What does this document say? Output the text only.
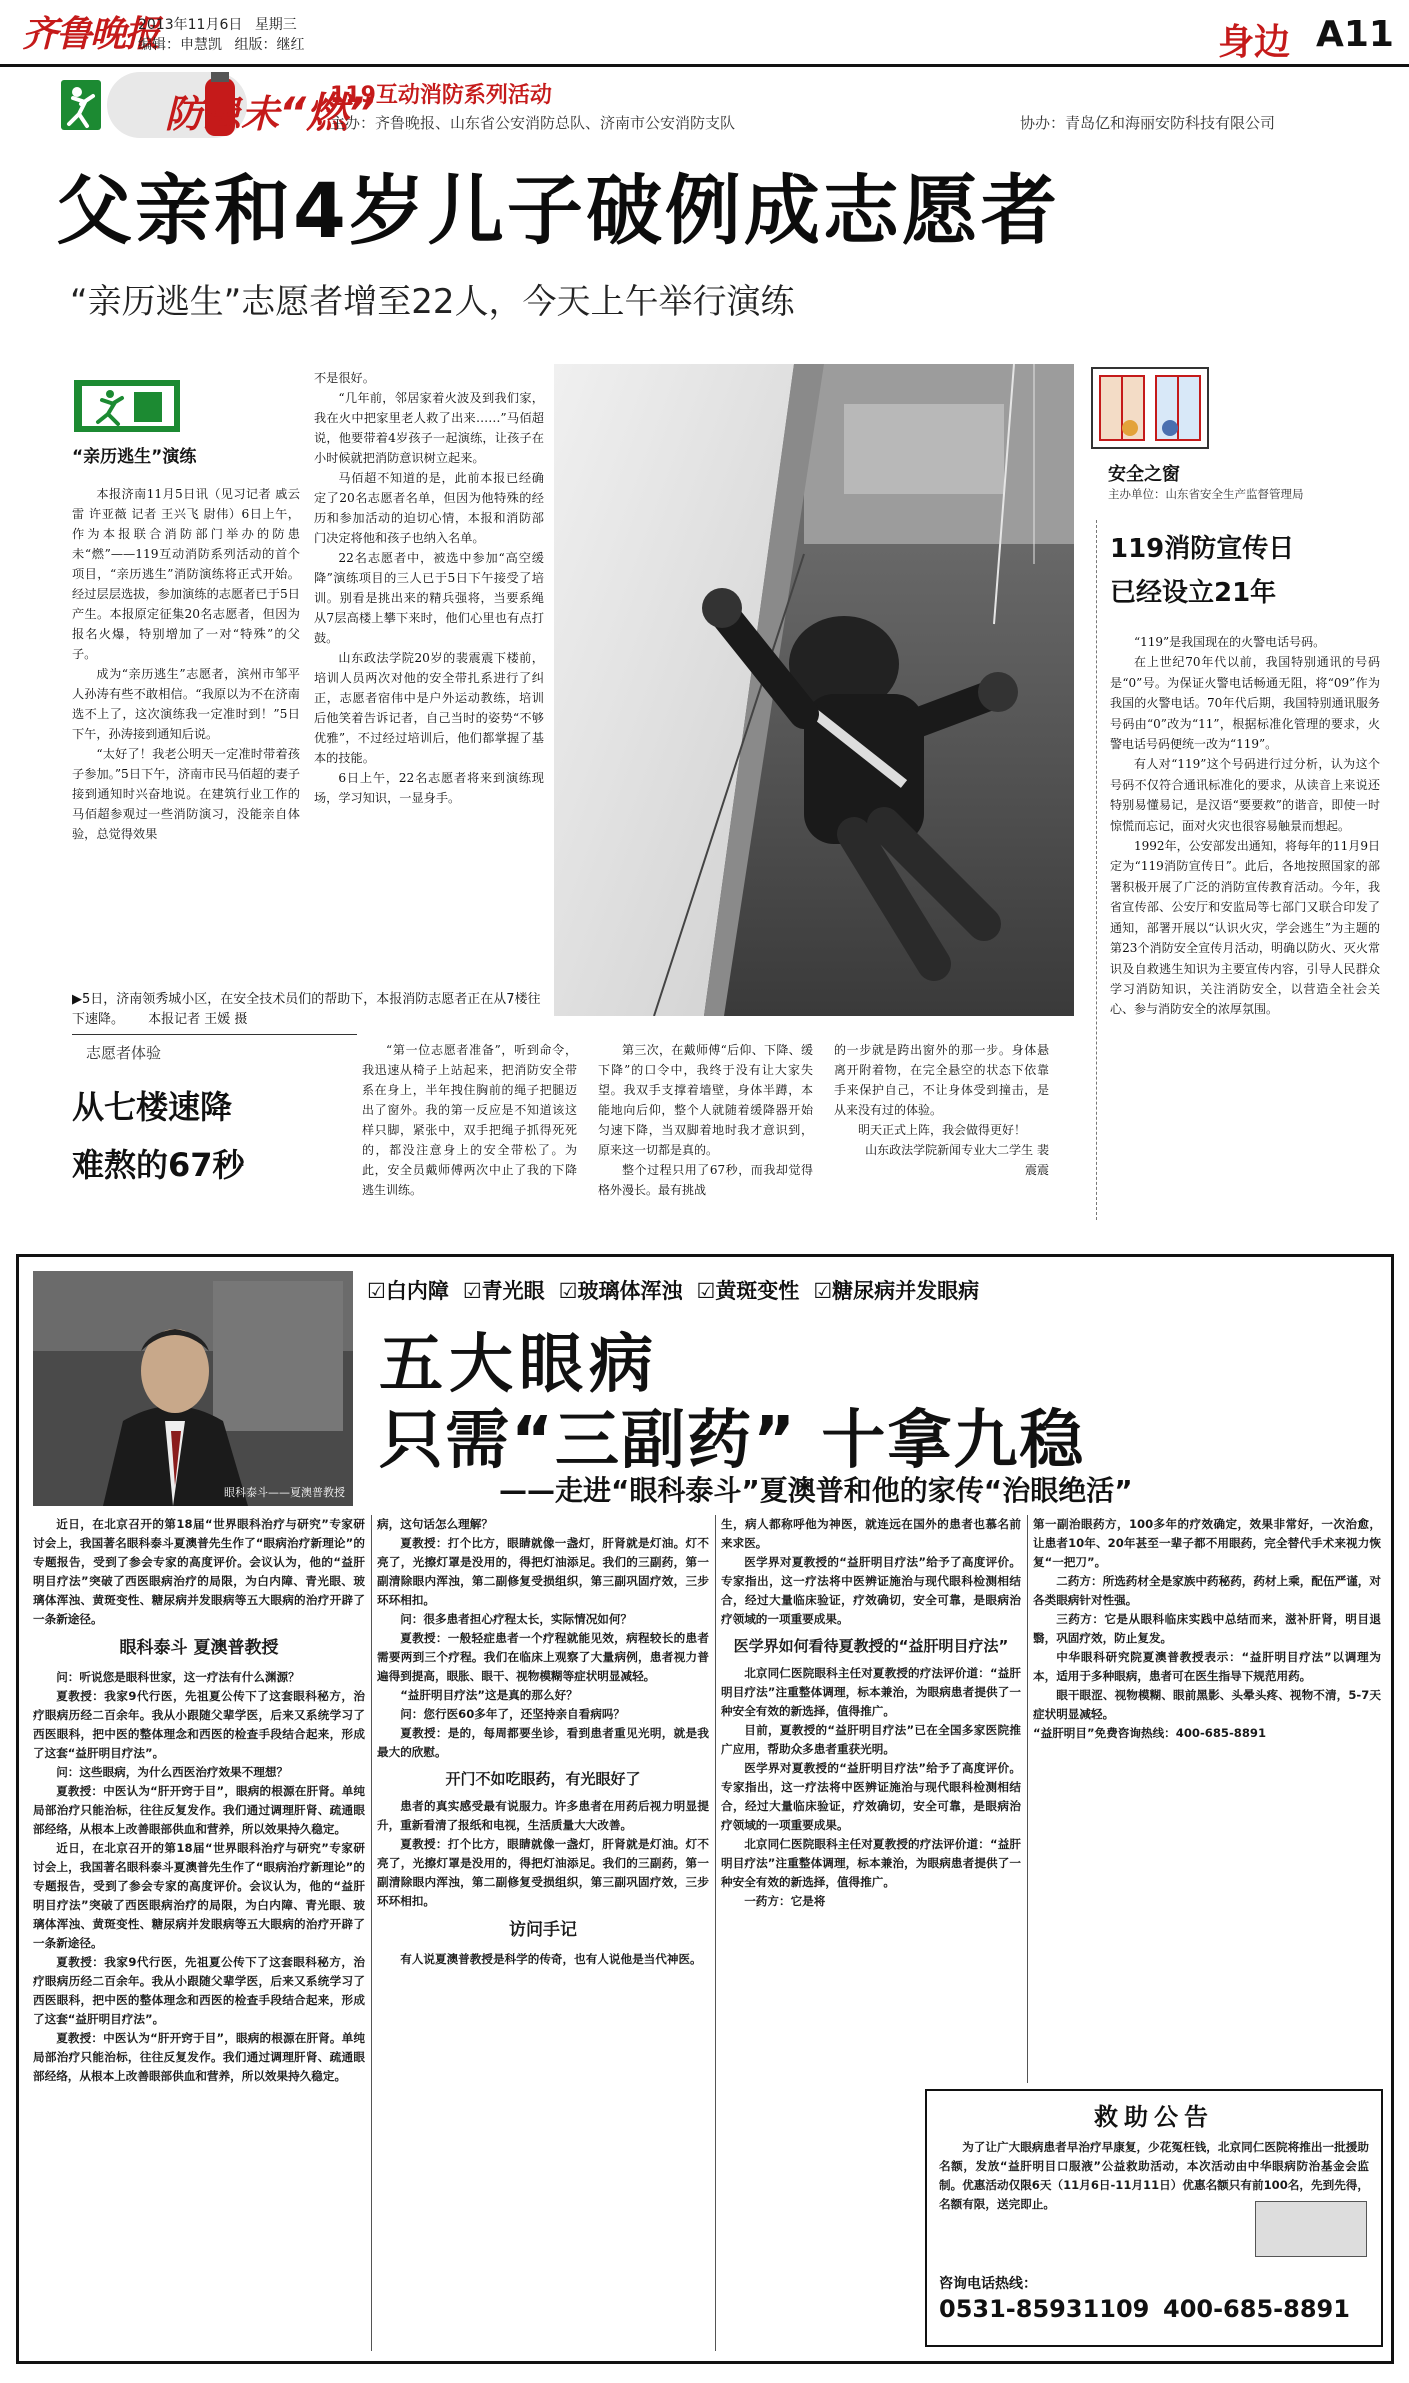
齐鲁晚报
2013年11月6日 星期三
编辑：申慧凯 组版：继红	身边 A11
防患未“燃”
119互动消防系列活动
主办：齐鲁晚报、山东省公安消防总队、济南市公安消防支队	协办：青岛亿和海丽安防科技有限公司
父亲和4岁儿子破例成志愿者
“亲历逃生”志愿者增至22人，今天上午举行演练
“亲历逃生”演练

本报济南11月5日讯（见习记者 戚云雷 许亚薇 记者 王兴飞 尉伟）6日上午，作为本报联合消防部门举办的防患未“燃”——119互动消防系列活动的首个项目，“亲历逃生”消防演练将正式开始。经过层层选拔，参加演练的志愿者已于5日产生。本报原定征集20名志愿者，但因为报名火爆，特别增加了一对“特殊”的父子。

成为“亲历逃生”志愿者，滨州市邹平人孙涛有些不敢相信。“我原以为不在济南选不上了，这次演练我一定准时到！”5日下午，孙涛接到通知后说。

“太好了！我老公明天一定准时带着孩子参加。”5日下午，济南市民马佰超的妻子接到通知时兴奋地说。在建筑行业工作的马佰超参观过一些消防演习，没能亲自体验，总觉得效果

不是很好。

“几年前，邻居家着火波及到我们家，我在火中把家里老人救了出来……”马佰超说，他要带着4岁孩子一起演练，让孩子在小时候就把消防意识树立起来。

马佰超不知道的是，此前本报已经确定了20名志愿者名单，但因为他特殊的经历和参加活动的迫切心情，本报和消防部门决定将他和孩子也纳入名单。

22名志愿者中，被选中参加“高空缓降”演练项目的三人已于5日下午接受了培训。别看是挑出来的精兵强将，当要系绳从7层高楼上攀下来时，他们心里也有点打鼓。

山东政法学院20岁的裴震震下楼前，培训人员两次对他的安全带扎系进行了纠正，志愿者宿伟中是户外运动教练，培训后他笑着告诉记者，自己当时的姿势“不够优雅”，不过经过培训后，他们都掌握了基本的技能。

6日上午，22名志愿者将来到演练现场，学习知识，一显身手。

▶5日，济南领秀城小区，在安全技术员们的帮助下，本报消防志愿者正在从7楼往下速降。 本报记者 王媛 摄
安全之窗
主办单位：山东省安全生产监督管理局
119消防宣传日
已经设立21年

“119”是我国现在的火警电话号码。

在上世纪70年代以前，我国特别通讯的号码是“0”号。为保证火警电话畅通无阻，将“09”作为我国的火警电话。70年代后期，我国特别通讯服务号码由“0”改为“11”，根据标准化管理的要求，火警电话号码便统一改为“119”。

有人对“119”这个号码进行过分析，认为这个号码不仅符合通讯标准化的要求，从读音上来说还特别易懂易记，是汉语“要要救”的谐音，即使一时惊慌而忘记，面对火灾也很容易触景而想起。

1992年，公安部发出通知，将每年的11月9日定为“119消防宣传日”。此后，各地按照国家的部署积极开展了广泛的消防宣传教育活动。今年，我省宣传部、公安厅和安监局等七部门又联合印发了通知，部署开展以“认识火灾，学会逃生”为主题的第23个消防安全宣传月活动，明确以防火、灭火常识及自救逃生知识为主要宣传内容，引导人民群众学习消防知识，关注消防安全，以营造全社会关心、参与消防安全的浓厚氛围。

志愿者体验
从七楼速降
难熬的67秒

“第一位志愿者准备”，听到命令，我迅速从椅子上站起来，把消防安全带系在身上，半年拽住胸前的绳子把腿迈出了窗外。我的第一反应是不知道该这样只脚，紧张中，双手把绳子抓得死死的，都没注意身上的安全带松了。为此，安全员戴师傅两次中止了我的下降逃生训练。

第三次，在戴师傅“后仰、下降、缓下降”的口令中，我终于没有让大家失望。我双手支撑着墙壁，身体半蹲，本能地向后仰，整个人就随着缓降器开始匀速下降，当双脚着地时我才意识到，原来这一切都是真的。

整个过程只用了67秒，而我却觉得格外漫长。最有挑战

的一步就是跨出窗外的那一步。身体悬离开附着物，在完全悬空的状态下依靠手来保护自己，不让身体受到撞击，是从来没有过的体验。

明天正式上阵，我会做得更好！

山东政法学院新闻专业大二学生 裴震震

眼科泰斗——夏澳普教授
☑白内障 ☑青光眼 ☑玻璃体浑浊 ☑黄斑变性 ☑糖尿病并发眼病
五大眼病
只需“三副药” 十拿九稳
——走进“眼科泰斗”夏澳普和他的家传“治眼绝活”

近日，在北京召开的第18届“世界眼科治疗与研究”专家研讨会上，我国著名眼科泰斗夏澳普先生作了“眼病治疗新理论”的专题报告，受到了参会专家的高度评价。会议认为，他的“益肝明目疗法”突破了西医眼病治疗的局限，为白内障、青光眼、玻璃体浑浊、黄斑变性、糖尿病并发眼病等五大眼病的治疗开辟了一条新途径。

眼科泰斗 夏澳普教授

问：听说您是眼科世家，这一疗法有什么渊源？

夏教授：我家9代行医，先祖夏公传下了这套眼科秘方，治疗眼病历经二百余年。我从小跟随父辈学医，后来又系统学习了西医眼科，把中医的整体理念和西医的检查手段结合起来，形成了这套“益肝明目疗法”。

问：这些眼病，为什么西医治疗效果不理想？

夏教授：中医认为“肝开窍于目”，眼病的根源在肝肾。单纯局部治疗只能治标，往往反复发作。我们通过调理肝肾、疏通眼部经络，从根本上改善眼部供血和营养，所以效果持久稳定。

近日，在北京召开的第18届“世界眼科治疗与研究”专家研讨会上，我国著名眼科泰斗夏澳普先生作了“眼病治疗新理论”的专题报告，受到了参会专家的高度评价。会议认为，他的“益肝明目疗法”突破了西医眼病治疗的局限，为白内障、青光眼、玻璃体浑浊、黄斑变性、糖尿病并发眼病等五大眼病的治疗开辟了一条新途径。

夏教授：我家9代行医，先祖夏公传下了这套眼科秘方，治疗眼病历经二百余年。我从小跟随父辈学医，后来又系统学习了西医眼科，把中医的整体理念和西医的检查手段结合起来，形成了这套“益肝明目疗法”。

夏教授：中医认为“肝开窍于目”，眼病的根源在肝肾。单纯局部治疗只能治标，往往反复发作。我们通过调理肝肾、疏通眼部经络，从根本上改善眼部供血和营养，所以效果持久稳定。

病，这句话怎么理解？

夏教授：打个比方，眼睛就像一盏灯，肝肾就是灯油。灯不亮了，光擦灯罩是没用的，得把灯油添足。我们的三副药，第一副清除眼内浑浊，第二副修复受损组织，第三副巩固疗效，三步环环相扣。

问：很多患者担心疗程太长，实际情况如何？

夏教授：一般轻症患者一个疗程就能见效，病程较长的患者需要两到三个疗程。我们在临床上观察了大量病例，患者视力普遍得到提高，眼胀、眼干、视物模糊等症状明显减轻。

“益肝明目疗法”这是真的那么好？

问：您行医60多年了，还坚持亲自看病吗？

夏教授：是的，每周都要坐诊，看到患者重见光明，就是我最大的欣慰。

开门不如吃眼药，有光眼好了

患者的真实感受最有说服力。许多患者在用药后视力明显提升，重新看清了报纸和电视，生活质量大大改善。

夏教授：打个比方，眼睛就像一盏灯，肝肾就是灯油。灯不亮了，光擦灯罩是没用的，得把灯油添足。我们的三副药，第一副清除眼内浑浊，第二副修复受损组织，第三副巩固疗效，三步环环相扣。

访问手记

有人说夏澳普教授是科学的传奇，也有人说他是当代神医。

生，病人都称呼他为神医，就连远在国外的患者也慕名前来求医。

医学界对夏教授的“益肝明目疗法”给予了高度评价。专家指出，这一疗法将中医辨证施治与现代眼科检测相结合，经过大量临床验证，疗效确切，安全可靠，是眼病治疗领域的一项重要成果。

医学界如何看待夏教授的“益肝明目疗法”

北京同仁医院眼科主任对夏教授的疗法评价道：“益肝明目疗法”注重整体调理，标本兼治，为眼病患者提供了一种安全有效的新选择，值得推广。

目前，夏教授的“益肝明目疗法”已在全国多家医院推广应用，帮助众多患者重获光明。

医学界对夏教授的“益肝明目疗法”给予了高度评价。专家指出，这一疗法将中医辨证施治与现代眼科检测相结合，经过大量临床验证，疗效确切，安全可靠，是眼病治疗领域的一项重要成果。

北京同仁医院眼科主任对夏教授的疗法评价道：“益肝明目疗法”注重整体调理，标本兼治，为眼病患者提供了一种安全有效的新选择，值得推广。

一药方：它是将

第一副治眼药方，100多年的疗效确定，效果非常好，一次治愈，让患者10年、20年甚至一辈子都不用眼药，完全替代手术来视力恢复“一把刀”。

二药方：所选药材全是家族中药秘药，药材上乘，配伍严谨，对各类眼病针对性强。

三药方：它是从眼科临床实践中总结而来，滋补肝肾，明目退翳，巩固疗效，防止复发。

中华眼科研究院夏澳普教授表示：“益肝明目疗法”以调理为本，适用于多种眼病，患者可在医生指导下规范用药。

眼干眼涩、视物模糊、眼前黑影、头晕头疼、视物不清，5-7天症状明显减轻。

“益肝明目”免费咨询热线：400-685-8891

救助公告
为了让广大眼病患者早治疗早康复，少花冤枉钱，北京同仁医院将推出一批援助名额，发放“益肝明目口服液”公益救助活动，本次活动由中华眼病防治基金会监制。优惠活动仅限6天（11月6日-11月11日）优惠名额只有前100名，先到先得，名额有限，送完即止。
咨询电话热线：
0531-85931109 400-685-8891
